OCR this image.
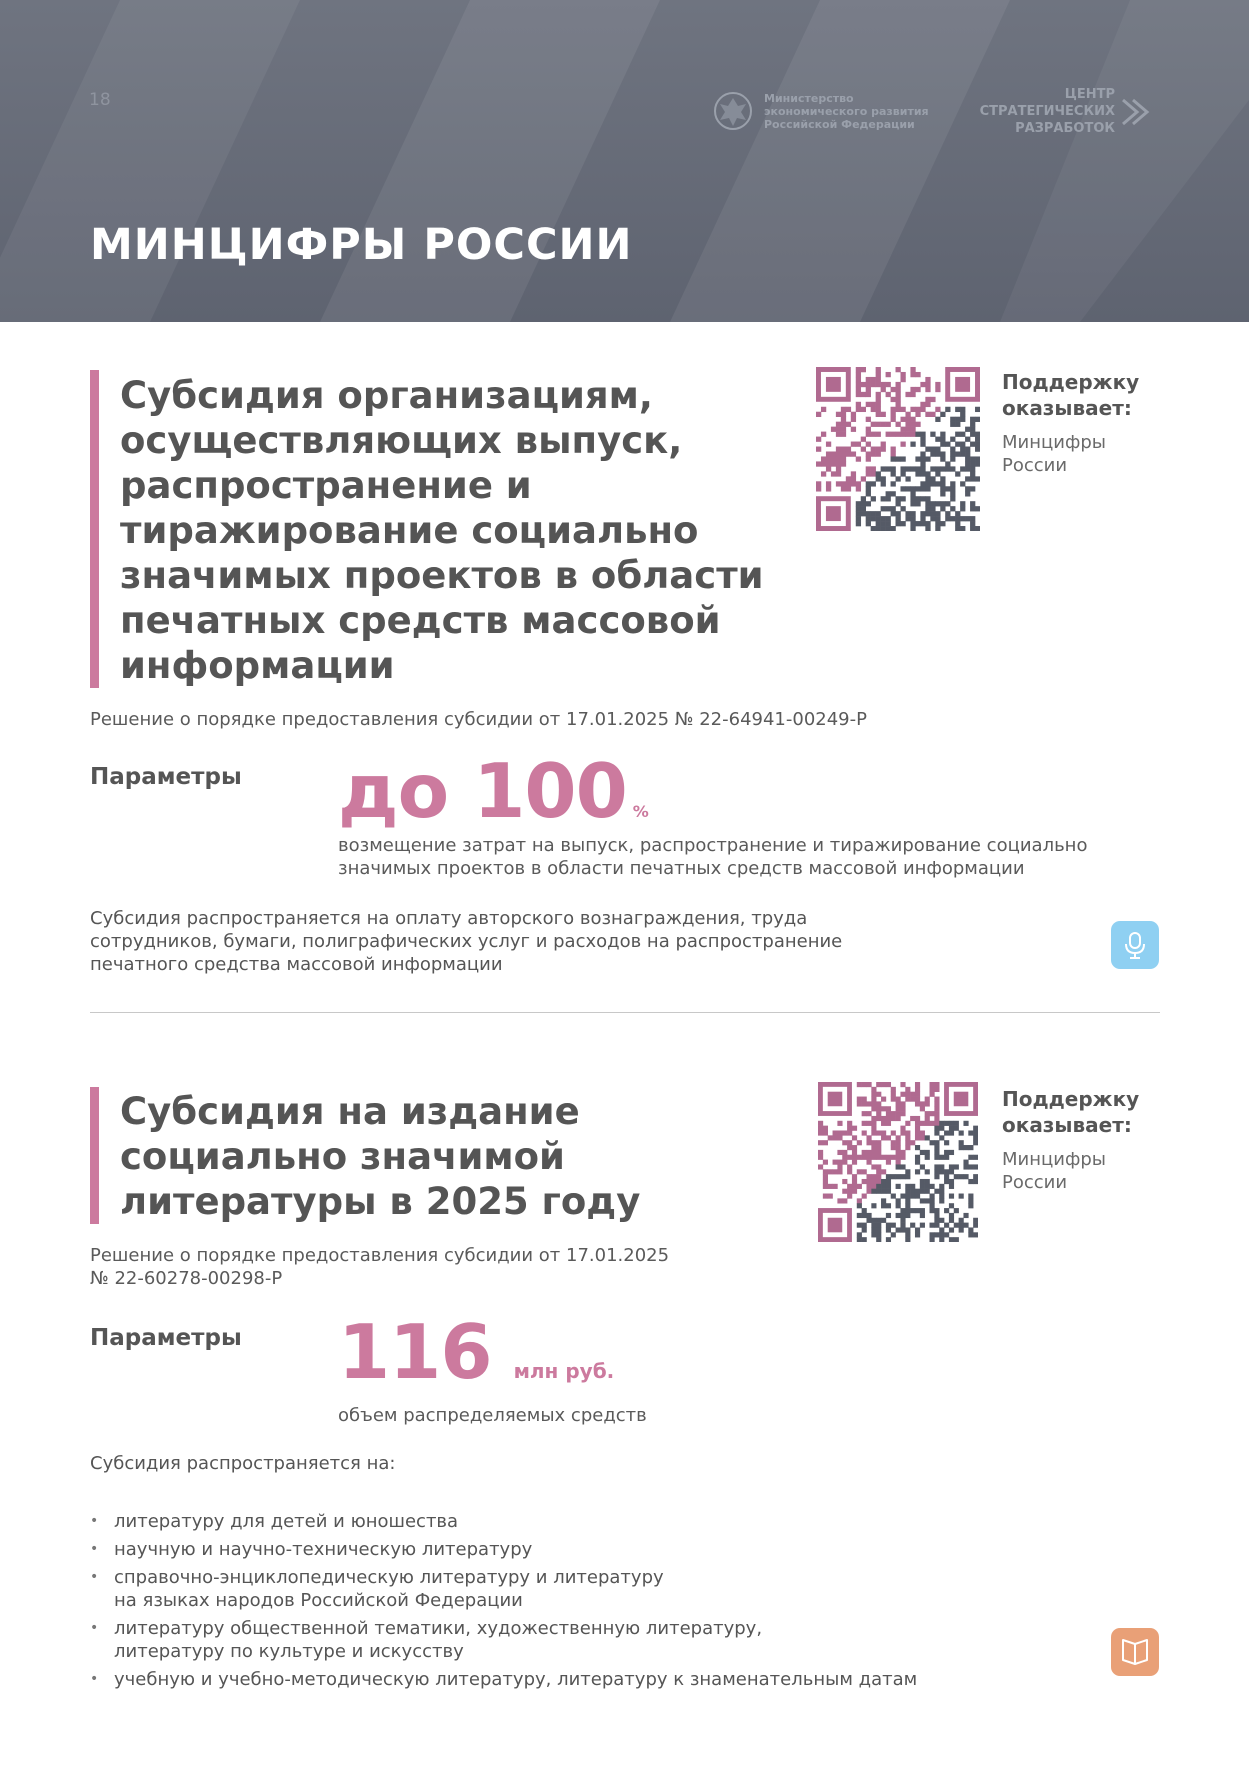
18	Министерство экономического развития Российской Федерации
ЦЕНТР СТРАТЕГИЧЕСКИХ РАЗРАБОТОК
МИНЦИФРЫ РОССИИ
Субсидия организациям, осуществляющих выпуск, распространение и тиражирование социально значимых проектов в области печатных средств массовой информации
Поддержку
оказывает:
Минцифры
России
Решение о порядке предоставления субсидии от 17.01.2025 № 22-64941-00249-Р
Параметры до 100 %
возмещение затрат на выпуск, распространение и тиражирование социально значимых проектов в области печатных средств массовой информации
Субсидия распространяется на оплату авторского вознаграждения, труда сотрудников, бумаги, полиграфических услуг и расходов на распространение печатного средства массовой информации
Субсидия на издание социально значимой литературы в 2025 году
Поддержку
оказывает:
Минцифры
России
Решение о порядке предоставления субсидии от 17.01.2025
№ 22-60278-00298-Р
Параметры 116 млн руб.
объем распределяемых средств
Субсидия распространяется на:
• литературу для детей и юношества
• научную и научно-техническую литературу
• справочно-энциклопедическую литературу и литературу
на языках народов Российской Федерации
• литературу общественной тематики, художественную литературу,
литературу по культуре и искусству
• учебную и учебно-методическую литературу, литературу к знаменательным датам
